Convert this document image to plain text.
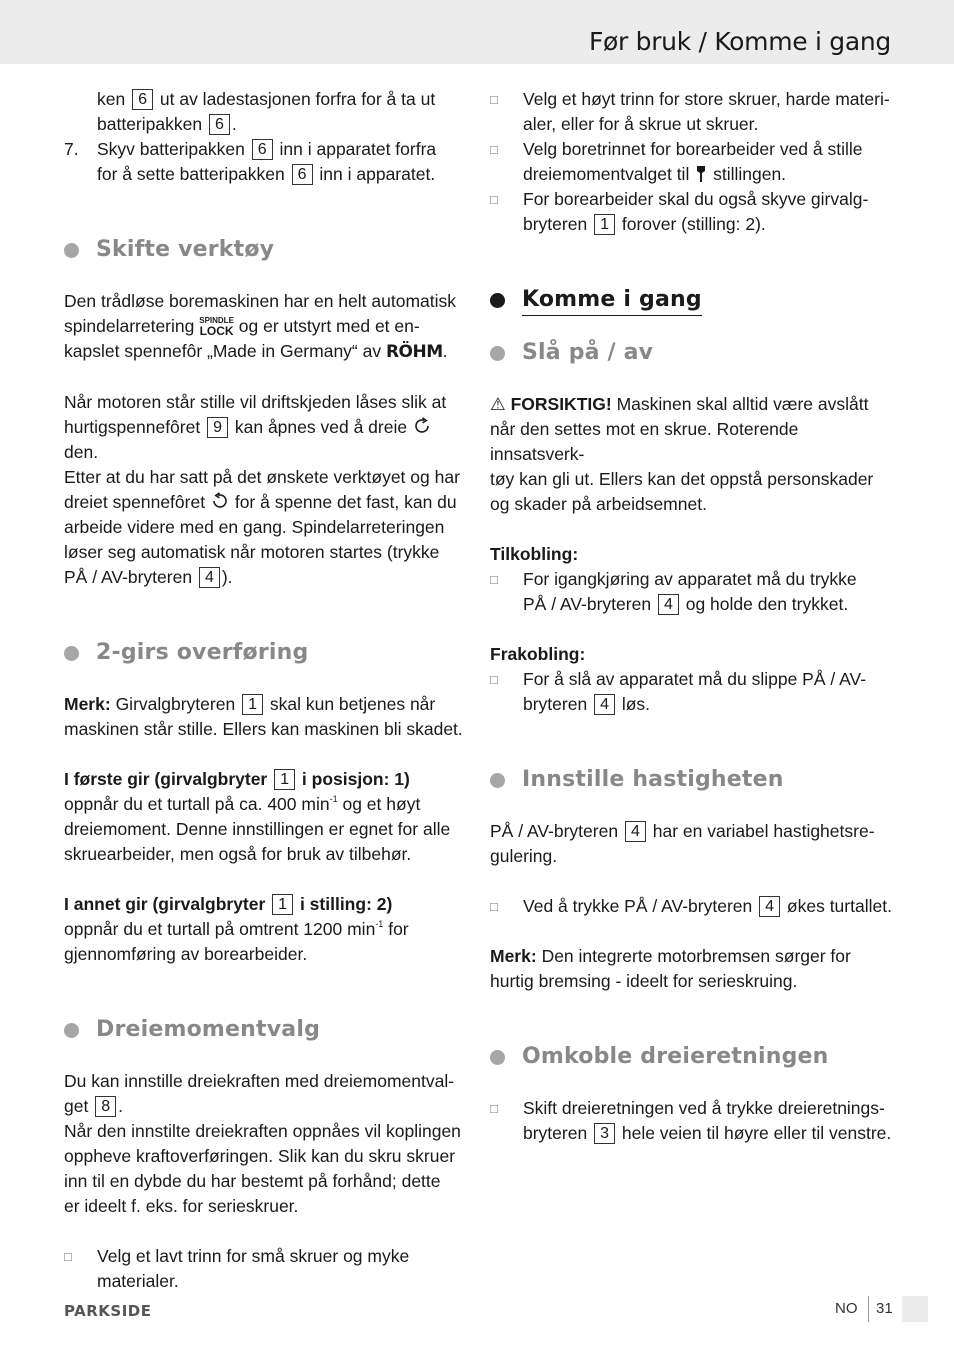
Før bruk / Komme i gang

ken 6 ut av ladestasjonen forfra for å ta ut

batteripakken 6 .

7.	Skyv batteripakken 6 inn i apparatet forfra

for å sette batteripakken 6 inn i apparatet.

Skifte verktøy

Den trådløse boremaskinen har en helt automatisk

spindelarretering SPINDLE
LOCK og er utstyrt med et en-

kapslet spennefôr „Made in Germany“ av RÖHM.

Når motoren står stille vil driftskjeden låses slik at

hurtigspennefôret 9 kan åpnes ved å dreie  den.

Etter at du har satt på det ønskete verktøyet og har

dreiet spennefôret for å spenne det fast, kan du

arbeide videre med en gang. Spindelarreteringen

løser seg automatisk når motoren startes (trykke

PÅ / AV-bryteren 4 ).

2-girs overføring

Merk: Girvalgbryteren 1 skal kun betjenes når

maskinen står stille. Ellers kan maskinen bli skadet.

I første gir (girvalgbryter 1 i posisjon: 1)

oppnår du et turtall på ca. 400 $\min^{-1}$ og et høyt

dreiemoment. Denne innstillingen er egnet for alle

skruearbeider, men også for bruk av tilbehør.

I annet gir (girvalgbryter 1 i stilling: 2)

oppnår du et turtall på omtrent 1200 $\min^{-1}$ for

gjennomføring av borearbeider.

Dreiemomentvalg

Du kan innstille dreiekraften med dreiemomentval-

get 8 .

Når den innstilte dreiekraften oppnåes vil koplingen

oppheve kraftoverføringen. Slik kan du skru skruer

inn til en dybde du har bestemt på forhånd; dette

er ideelt f. eks. for serieskruer.

□	Velg et lavt trinn for små skruer og myke
materialer.
□	Velg et høyt trinn for store skruer, harde materi-
aler, eller for å skrue ut skruer.
□	Velg boretrinnet for borearbeider ved å stille
dreiemomentvalget til stillingen.
□	For borearbeider skal du også skyve girvalg-
bryteren 1 forover (stilling: 2).
Komme i gang
Slå på / av

⚠ FORSIKTIG! Maskinen skal alltid være avslått

når den settes mot en skrue. Roterende innsatsverk-

tøy kan gli ut. Ellers kan det oppstå personskader

og skader på arbeidsemnet.

Tilkobling:

□	For igangkjøring av apparatet må du trykke
PÅ / AV-bryteren 4 og holde den trykket.

Frakobling:

□	For å slå av apparatet må du slippe PÅ / AV-
bryteren 4 løs.
Innstille hastigheten

PÅ / AV-bryteren 4 har en variabel hastighetsre-

gulering.

□	Ved å trykke PÅ / AV-bryteren 4 økes turtallet.

Merk: Den integrerte motorbremsen sørger for

hurtig bremsing - ideelt for serieskruing.

Omkoble dreieretningen
□	Skift dreieretningen ved å trykke dreieretnings-
bryteren 3 hele veien til høyre eller til venstre.
PARKSIDE	NO 31
